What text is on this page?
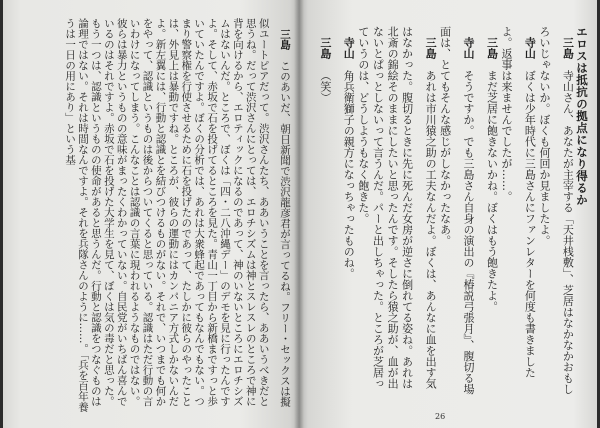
三島このあいだ、朝日新聞で渋沢龍彦君が言ってるね。フリー・セックスは擬似ユートピアだって。渋沢さんたち、ああいうことを言ったら、ああいうべきだと思うね。だって渋沢さんにとっては、エロチシズムは神とスレスレのところで神に背を向けるから、エロティックになるのであって、神のいないところにエロチシズムはないんだ。ところで、ぼくは「四・二八沖縄デー」のデモを見に行ったんですよ。そして、赤坂で石を投げてるところを見た。青山一丁目から新橋まですっと歩いていたんですよ。ぼくの分析では、あれは大衆蜂起であってもなんでもない。つまり警察権を行使させるために石を投げたのであって、たしかに彼らのやったことは、外見上は暴動ですね。ところが、彼らの運動にはカンパニア方式しかないんだよ。新左翼には、行動と認識とを結びつけるものがない。それで、いつまでも何かをやって、認識というものは後からついてくると思っている。認識はただ行動の言いわけになってしまう。こんなことは認識の言葉に現われるようなものではない。彼らは暴力というものの意味がまったくわかっていない。自民党がいちばん喜んでいるのはそれですよ。赤坂で石を投げた大学生を見て、ぼくは気の毒だと思った。もう一つは、認識というものの使命があると思うんだ。行動と認識をつなぐものは論理ではない。それは時間なんですよ。それを兵隊さんのように……。「兵を百年養うは一日の用にあり」という基	エロスは抵抗の拠点になり得るか

三島寺山さん、あなたが主宰する「天井桟敷」、芝居はなかなかおもしろいじゃないか。ぼくも何回か見ましたよ。

寺山ぼくは少年時代に三島さんにファンレターを何度も書きましたよ。返事は来ませんでしたが……。

三島まだ芝居に飽きないかね。ぼくはもう飽きたよ。

寺山そうですか。でも三島さん自身の演出の『椿説弓張月』、腹切る場面は、とてもそんな感じがしなかったなあ。

三島あれは市川猿之助の工夫なんだよ。ぼくは、あんなに血を出す気はなかった。腹切るときに先に死んだ女房が逆さに倒れてる姿ね。あれは北斎の錦絵そのままにしたいと思ったんです。そしたら猿之助が、血が出ないとぱっとしないって言うんだ。パーと出しちゃった。ところが芝居っていうのは、どうしようもなく飽きた。

寺山角兵衛獅子の親方になっちゃったものね。

三島（笑）

26
